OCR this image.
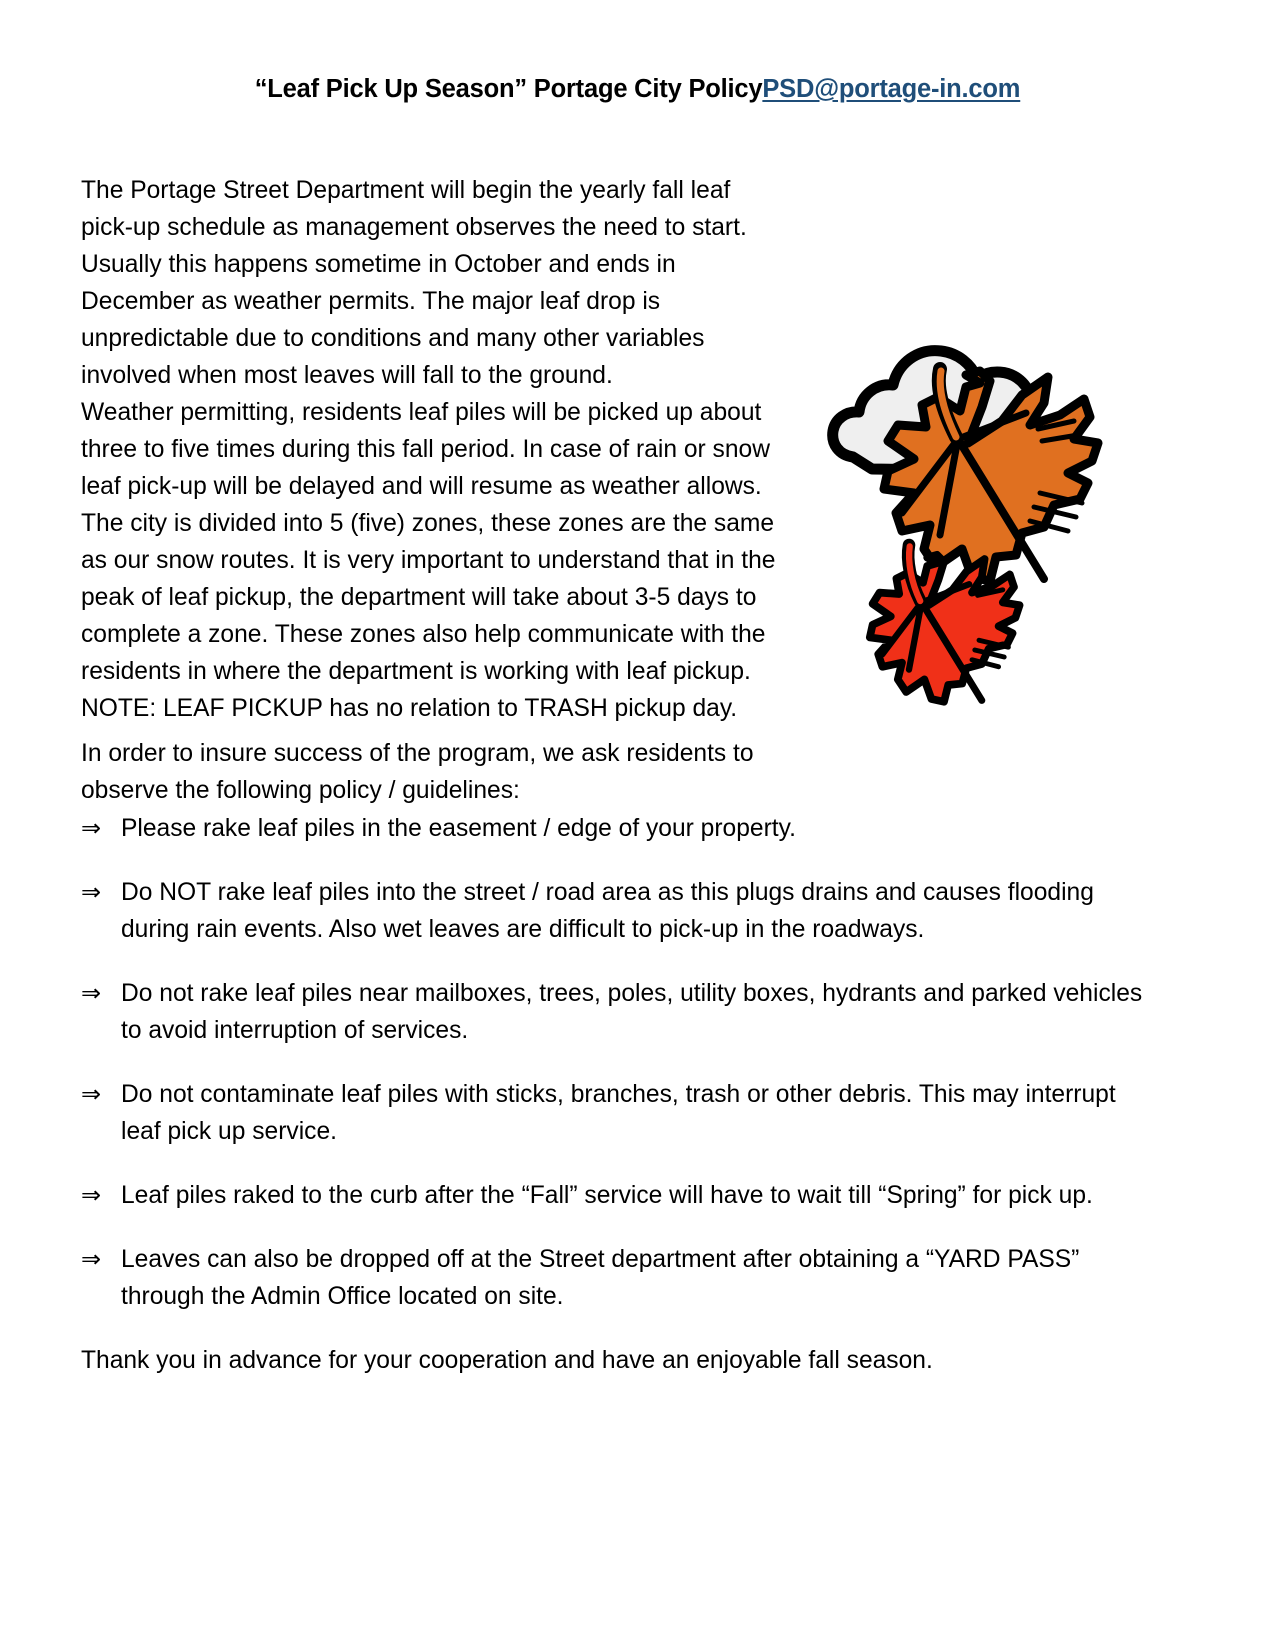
“Leaf Pick Up Season” Portage City PolicyPSD@portage-in.com

The Portage Street Department will begin the yearly fall leaf pick-up schedule as management observes the need to start. Usually this happens sometime in October and ends in December as weather permits. The major leaf drop is unpredictable due to conditions and many other variables involved when most leaves will fall to the ground.

Weather permitting, residents leaf piles will be picked up about three to five times during this fall period. In case of rain or snow leaf pick-up will be delayed and will resume as weather allows. The city is divided into 5 (five) zones, these zones are the same as our snow routes. It is very important to understand that in the peak of leaf pickup, the department will take about 3-5 days to complete a zone. These zones also help communicate with the residents in where the department is working with leaf pickup. NOTE: LEAF PICKUP has no relation to TRASH pickup day.

In order to insure success of the program, we ask residents to observe the following policy / guidelines:

⇒ Please rake leaf piles in the easement / edge of your property.
⇒ Do NOT rake leaf piles into the street / road area as this plugs drains and causes flooding during rain events. Also wet leaves are difficult to pick-up in the roadways.
⇒ Do not rake leaf piles near mailboxes, trees, poles, utility boxes, hydrants and parked vehicles to avoid interruption of services.
⇒ Do not contaminate leaf piles with sticks, branches, trash or other debris. This may interrupt leaf pick up service.
⇒ Leaf piles raked to the curb after the “Fall” service will have to wait till “Spring” for pick up.
⇒ Leaves can also be dropped off at the Street department after obtaining a “YARD PASS” through the Admin Office located on site.

Thank you in advance for your cooperation and have an enjoyable fall season.
